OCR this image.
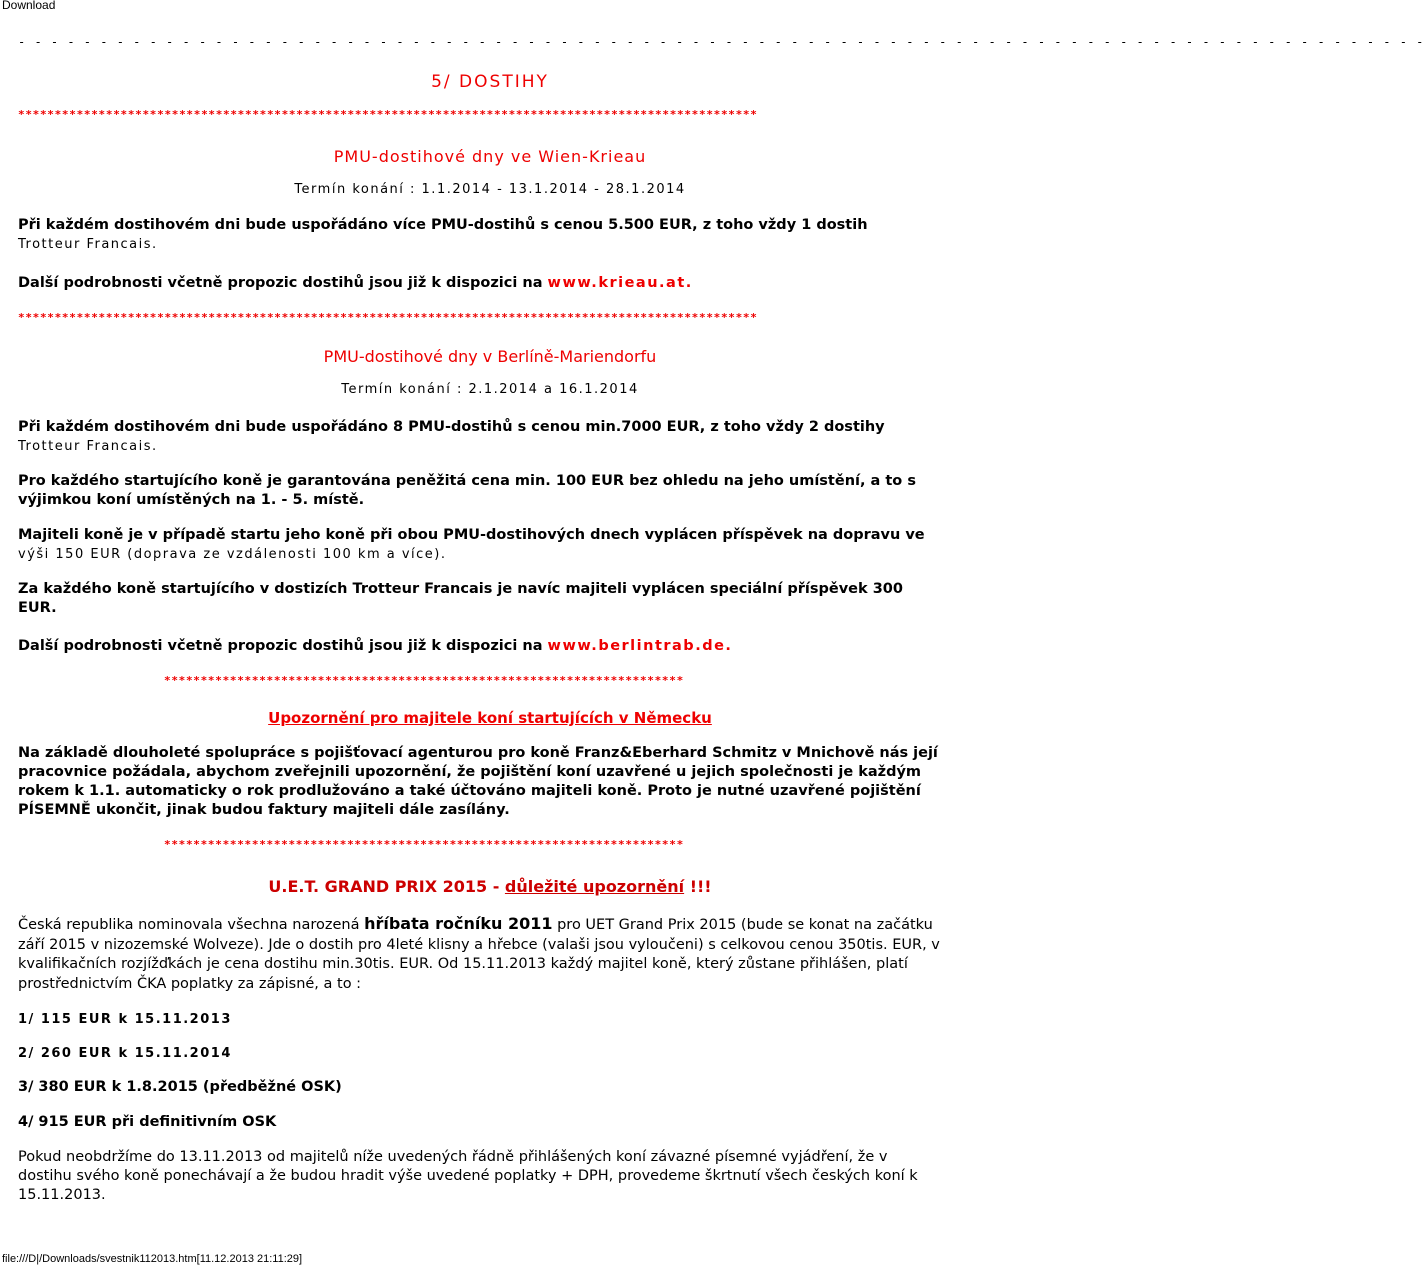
Download
- - - - - - - - - - - - - - - - - - - - - - - - - - - - - - - - - - - - - - - - - - - - - - - - - - - - - - - - - - - - - - - - - - - - - - - - - - - - - - - - - - - - - -
5/ DOSTIHY
*****************************************************************************************************
PMU-dostihové dny ve Wien-Krieau
Termín konání : 1.1.2014 - 13.1.2014 - 28.1.2014
Při každém dostihovém dni bude uspořádáno více PMU-dostihů s cenou 5.500 EUR, z toho vždy 1 dostih
Trotteur Francais.
Další podrobnosti včetně propozic dostihů jsou již k dispozici na www.krieau.at.
*****************************************************************************************************
PMU-dostihové dny v Berlíně-Mariendorfu
Termín konání : 2.1.2014 a 16.1.2014
Při každém dostihovém dni bude uspořádáno 8 PMU-dostihů s cenou min.7000 EUR, z toho vždy 2 dostihy
Trotteur Francais.
Pro každého startujícího koně je garantována peněžitá cena min. 100 EUR bez ohledu na jeho umístění, a to s výjimkou koní umístěných na 1. - 5. místě.
Majiteli koně je v případě startu jeho koně při obou PMU-dostihových dnech vyplácen příspěvek na dopravu ve
výši 150 EUR (doprava ze vzdálenosti 100 km a více).
Za každého koně startujícího v dostizích Trotteur Francais je navíc majiteli vyplácen speciální příspěvek 300 EUR.
Další podrobnosti včetně propozic dostihů jsou již k dispozici na www.berlintrab.de.
***********************************************************************
Upozornění pro majitele koní startujících v Německu
Na základě dlouholeté spolupráce s pojišťovací agenturou pro koně Franz&Eberhard Schmitz v Mnichově nás její pracovnice požádala, abychom zveřejnili upozornění, že pojištění koní uzavřené u jejich společnosti je každým rokem k 1.1. automaticky o rok prodlužováno a také účtováno majiteli koně. Proto je nutné uzavřené pojištění PÍSEMNĚ ukončit, jinak budou faktury majiteli dále zasílány.
***********************************************************************
U.E.T. GRAND PRIX 2015 - důležité upozornění !!!
Česká republika nominovala všechna narozená hříbata ročníku 2011 pro UET Grand Prix 2015 (bude se konat na začátku září 2015 v nizozemské Wolveze). Jde o dostih pro 4leté klisny a hřebce (valaši jsou vyloučeni) s celkovou cenou 350tis. EUR, v kvalifikačních rozjížďkách je cena dostihu min.30tis. EUR. Od 15.11.2013 každý majitel koně, který zůstane přihlášen, platí prostřednictvím ČKA poplatky za zápisné, a to :
1/ 115 EUR k 15.11.2013
2/ 260 EUR k 15.11.2014
3/ 380 EUR k 1.8.2015 (předběžné OSK)
4/ 915 EUR při definitivním OSK
Pokud neobdržíme do 13.11.2013 od majitelů níže uvedených řádně přihlášených koní závazné písemné vyjádření, že v dostihu svého koně ponechávají a že budou hradit výše uvedené poplatky + DPH, provedeme škrtnutí všech českých koní k 15.11.2013.
file:///D|/Downloads/svestnik112013.htm[11.12.2013 21:11:29]
